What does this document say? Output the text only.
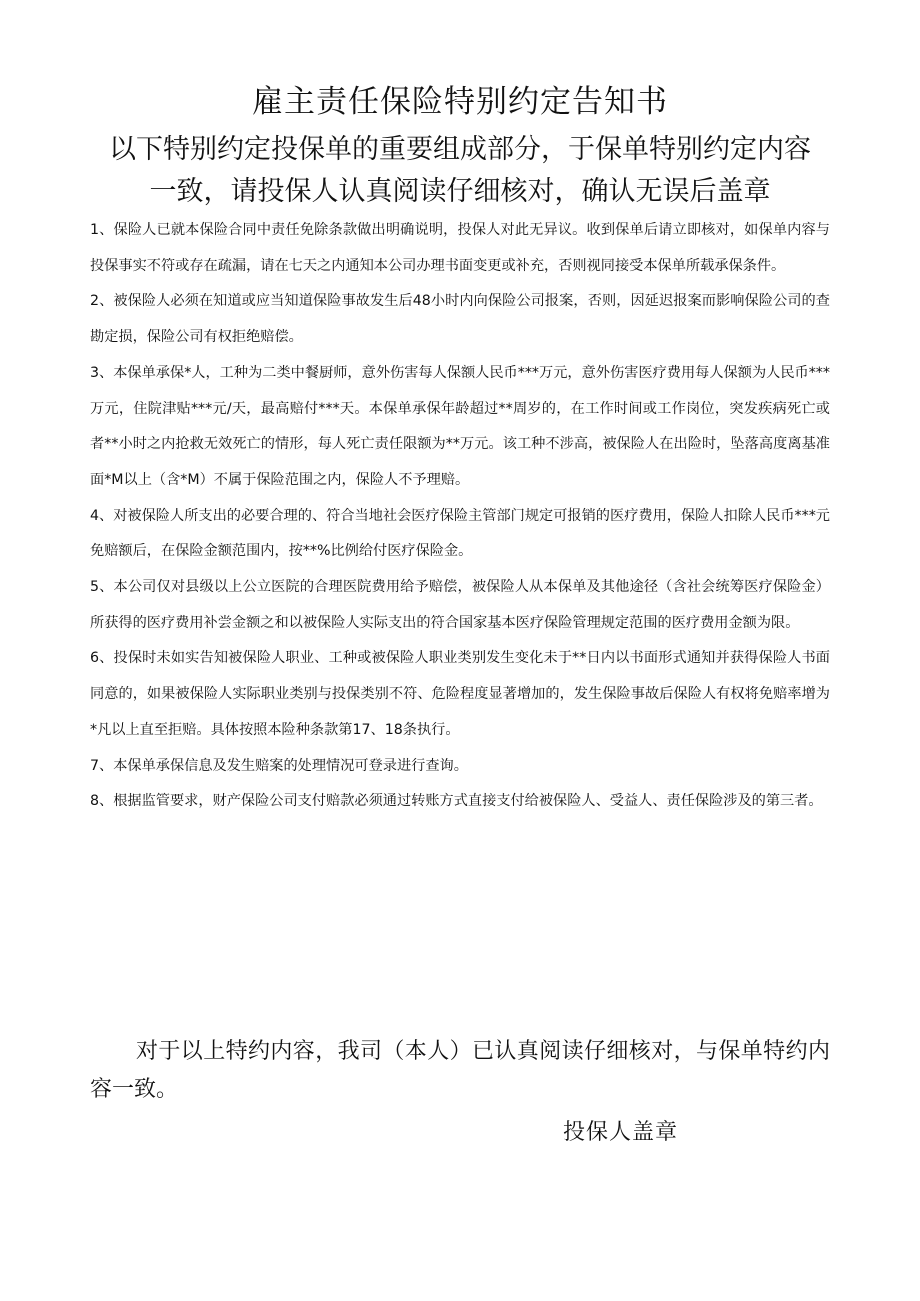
雇主责任保险特别约定告知书

以下特别约定投保单的重要组成部分，于保单特别约定内容

一致，请投保人认真阅读仔细核对，确认无误后盖章

1、保险人已就本保险合同中责任免除条款做出明确说明，投保人对此无异议。收到保单后请立即核对，如保单内容与投保事实不符或存在疏漏，请在七天之内通知本公司办理书面变更或补充，否则视同接受本保单所载承保条件。
2、被保险人必须在知道或应当知道保险事故发生后48小时内向保险公司报案，否则，因延迟报案而影响保险公司的查勘定损，保险公司有权拒绝赔偿。
3、本保单承保*人，工种为二类中餐厨师，意外伤害每人保额人民币***万元，意外伤害医疗费用每人保额为人民币***万元，住院津贴***元/天，最高赔付***天。本保单承保年龄超过**周岁的，在工作时间或工作岗位，突发疾病死亡或者**小时之内抢救无效死亡的情形，每人死亡责任限额为**万元。该工种不涉高，被保险人在出险时，坠落高度离基准面*M以上（含*M）不属于保险范围之内，保险人不予理赔。
4、对被保险人所支出的必要合理的、符合当地社会医疗保险主管部门规定可报销的医疗费用，保险人扣除人民币***元免赔额后，在保险金额范围内，按**%比例给付医疗保险金。
5、本公司仅对县级以上公立医院的合理医院费用给予赔偿，被保险人从本保单及其他途径（含社会统筹医疗保险金）所获得的医疗费用补尝金额之和以被保险人实际支出的符合国家基本医疗保险管理规定范围的医疗费用金额为限。
6、投保时未如实告知被保险人职业、工种或被保险人职业类别发生变化未于**日内以书面形式通知并获得保险人书面同意的，如果被保险人实际职业类别与投保类别不符、危险程度显著增加的，发生保险事故后保险人有权将免赔率增为*凡以上直至拒赔。具体按照本险种条款第17、18条执行。
7、本保单承保信息及发生赔案的处理情况可登录进行查询。
8、根据监管要求，财产保险公司支付赔款必须通过转账方式直接支付给被保险人、受益人、责任保险涉及的第三者。

对于以上特约内容，我司（本人）已认真阅读仔细核对，与保单特约内容一致。

投保人盖章
